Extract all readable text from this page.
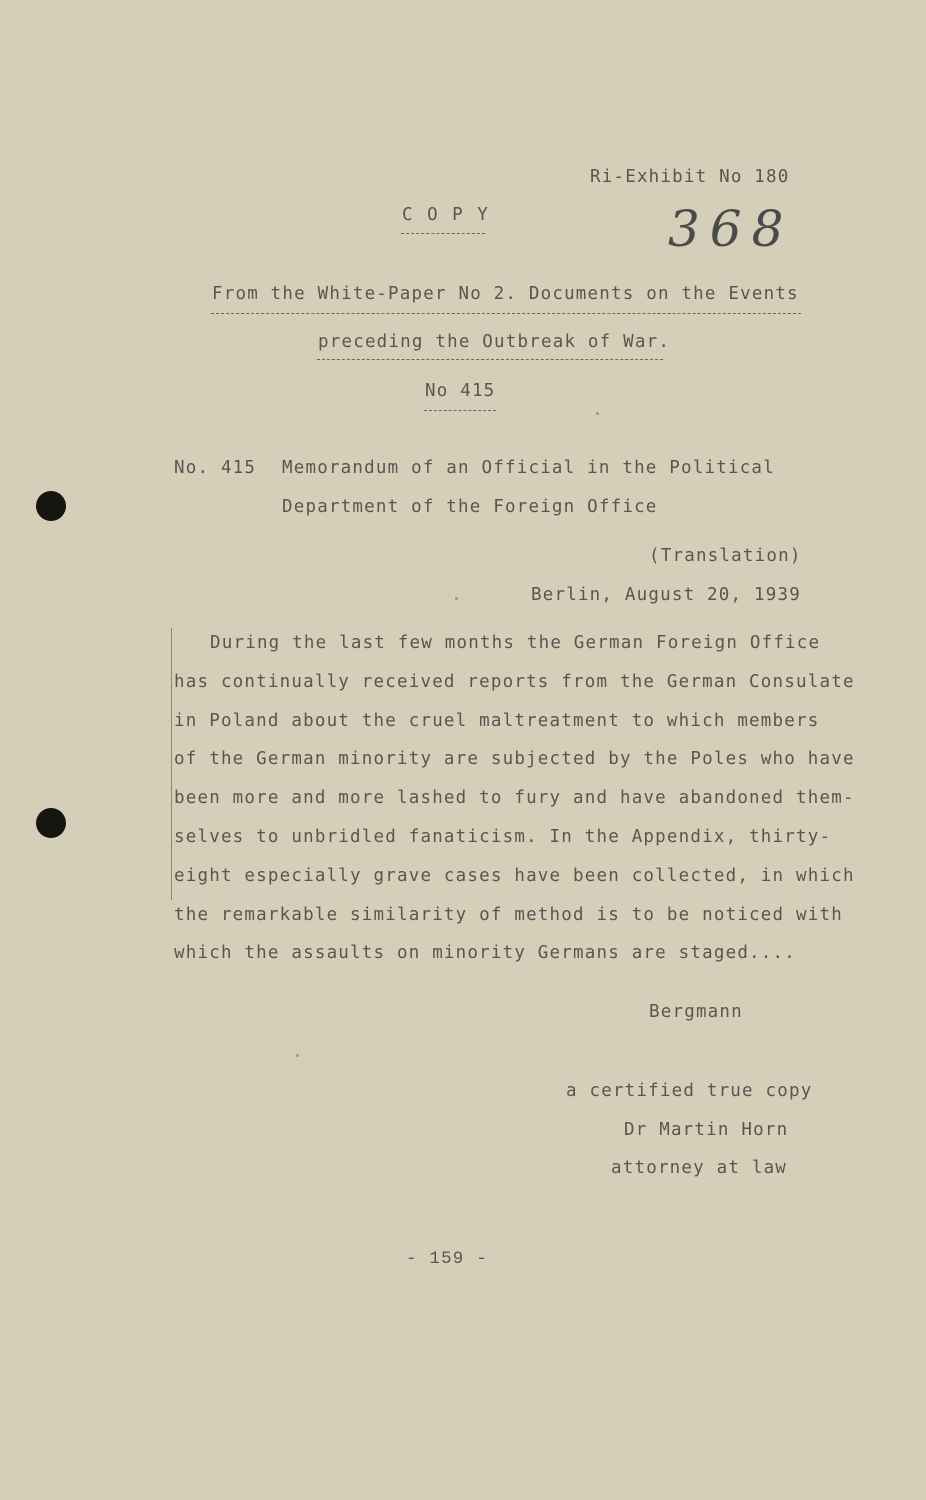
Ri-Exhibit No 180
368
C O P Y
From the White-Paper No 2. Documents on the Events
preceding the Outbreak of War.
No 415
No. 415 Memorandum of an Official in the Political
Department of the Foreign Office
(Translation)
Berlin, August 20, 1939
During the last few months the German Foreign Office
has continually received reports from the German Consulate
in Poland about the cruel maltreatment to which members
of the German minority are subjected by the Poles who have
been more and more lashed to fury and have abandoned them-
selves to unbridled fanaticism. In the Appendix, thirty-
eight especially grave cases have been collected, in which
the remarkable similarity of method is to be noticed with
which the assaults on minority Germans are staged....
Bergmann
a certified true copy
Dr Martin Horn
attorney at law
- 159 -
